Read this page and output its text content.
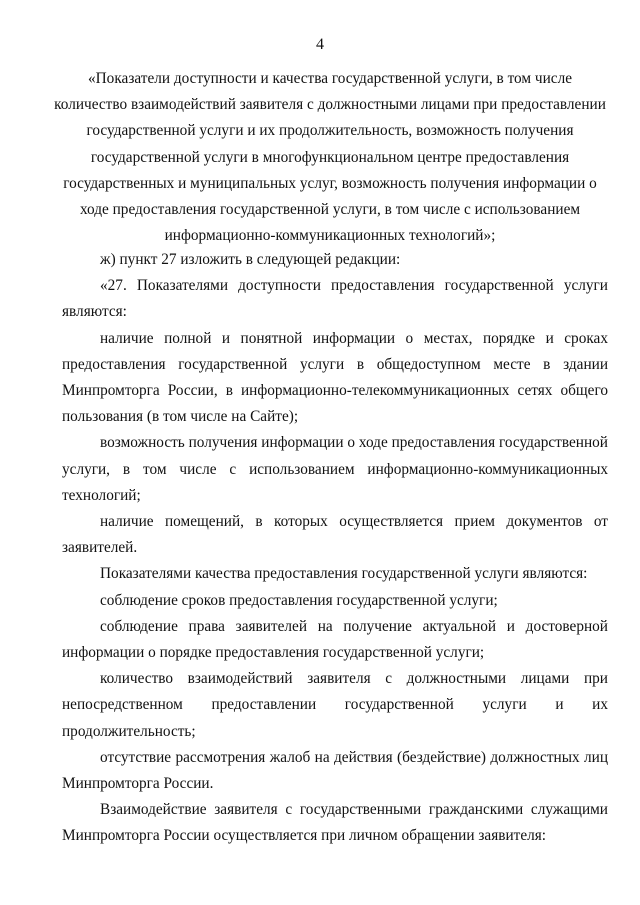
4
«Показатели доступности и качества государственной услуги, в том числе
количество взаимодействий заявителя с должностными лицами при предоставлении
государственной услуги и их продолжительность, возможность получения
государственной услуги в многофункциональном центре предоставления
государственных и муниципальных услуг, возможность получения информации о
ходе предоставления государственной услуги, в том числе с использованием
информационно-коммуникационных технологий»;
ж) пункт 27 изложить в следующей редакции:
«27. Показателями доступности предоставления государственной услуги являются:
наличие полной и понятной информации о местах, порядке и сроках предоставления государственной услуги в общедоступном месте в здании Минпромторга России, в информационно-телекоммуникационных сетях общего пользования (в том числе на Сайте);
возможность получения информации о ходе предоставления государственной услуги, в том числе с использованием информационно-коммуникационных технологий;
наличие помещений, в которых осуществляется прием документов от заявителей.
Показателями качества предоставления государственной услуги являются:
соблюдение сроков предоставления государственной услуги;
соблюдение права заявителей на получение актуальной и достоверной информации о порядке предоставления государственной услуги;
количество взаимодействий заявителя с должностными лицами при непосредственном предоставлении государственной услуги и их продолжительность;
отсутствие рассмотрения жалоб на действия (бездействие) должностных лиц Минпромторга России.
Взаимодействие заявителя с государственными гражданскими служащими Минпромторга России осуществляется при личном обращении заявителя:
